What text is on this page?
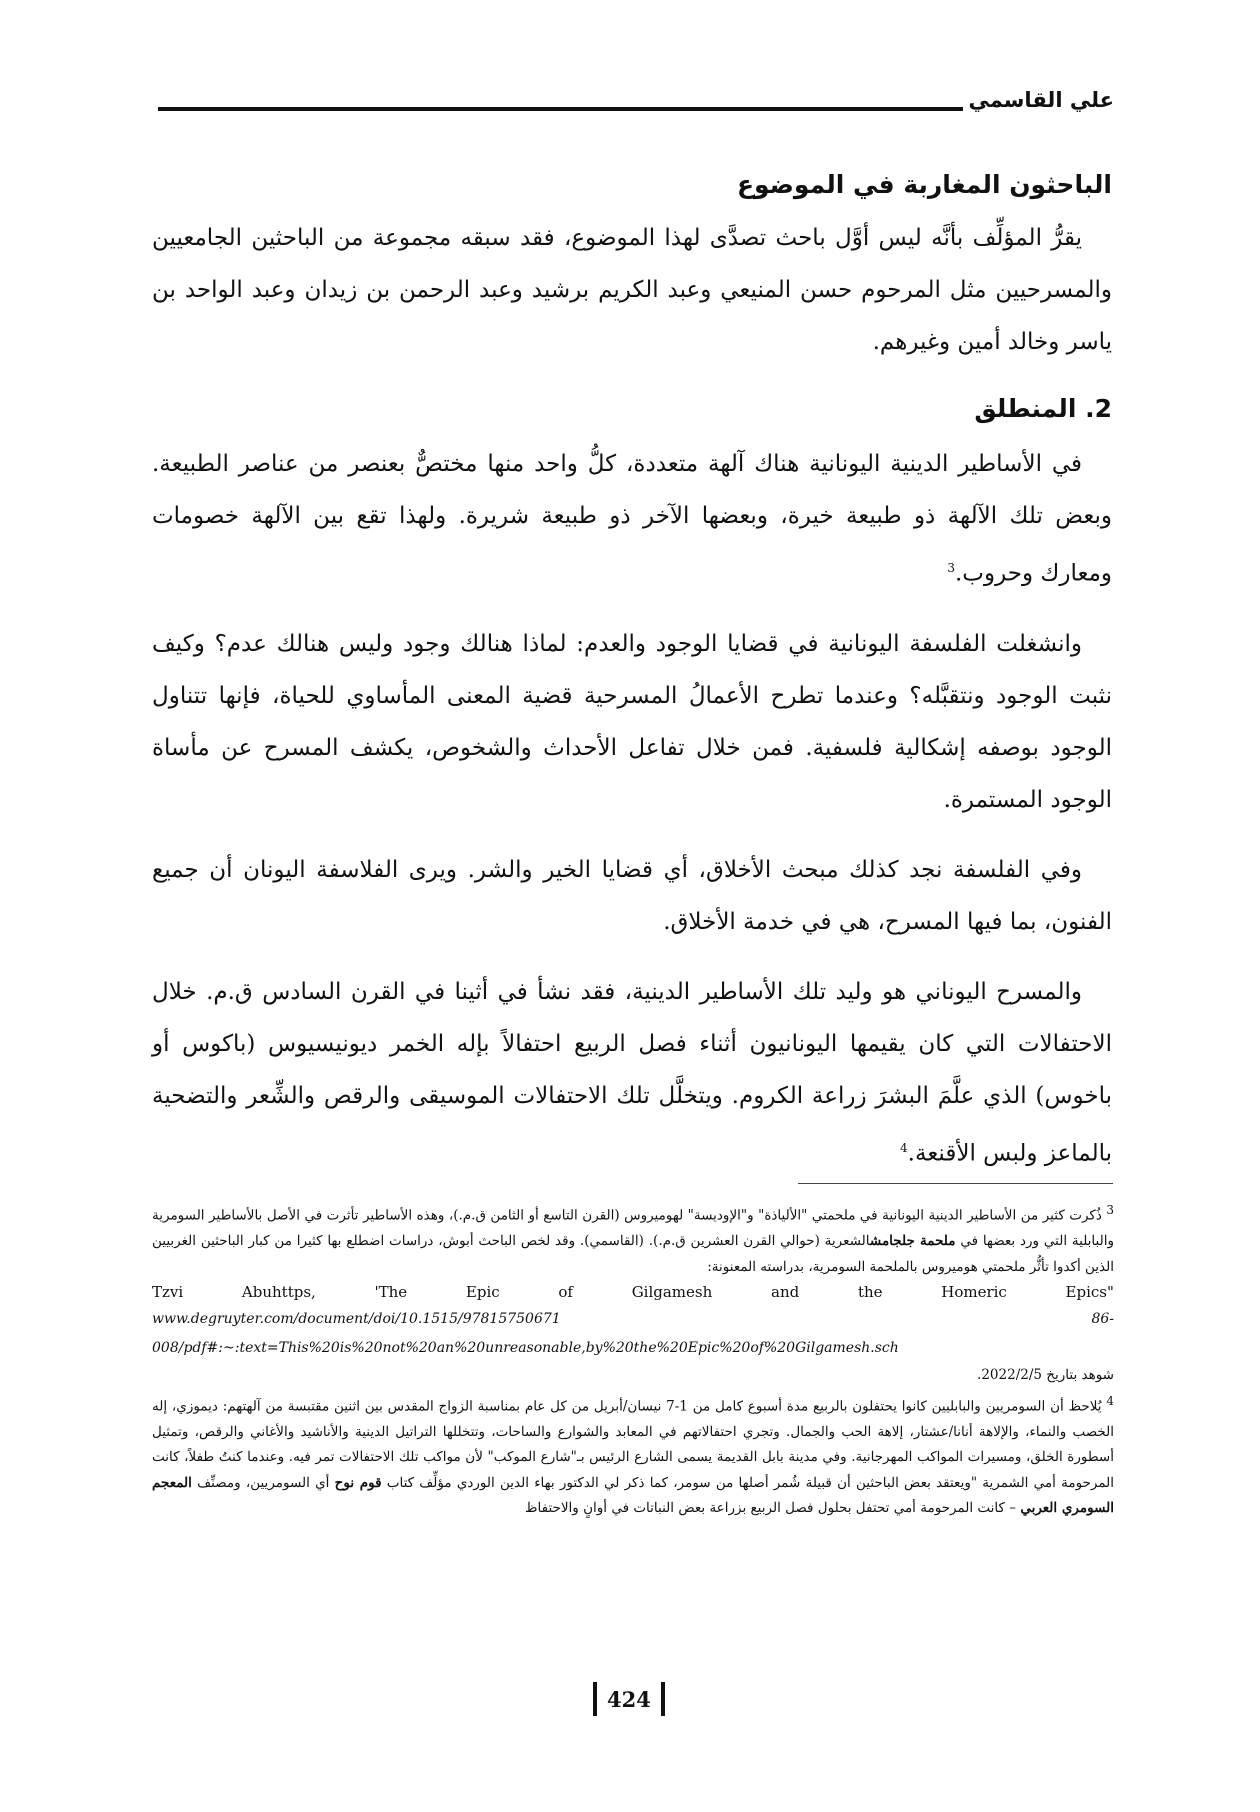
علي القاسمي
الباحثون المغاربة في الموضوع

يقرُّ المؤلِّف بأنَّه ليس أوَّل باحث تصدَّى لهذا الموضوع، فقد سبقه مجموعة من الباحثين الجامعيين والمسرحيين مثل المرحوم حسن المنيعي وعبد الكريم برشيد وعبد الرحمن بن زيدان وعبد الواحد بن ياسر وخالد أمين وغيرهم.

2. المنطلق

في الأساطير الدينية اليونانية هناك آلهة متعددة، كلُّ واحد منها مختصٌّ بعنصر من عناصر الطبيعة. وبعض تلك الآلهة ذو طبيعة خيرة، وبعضها الآخر ذو طبيعة شريرة. ولهذا تقع بين الآلهة خصومات ومعارك وحروب.$^3$

وانشغلت الفلسفة اليونانية في قضايا الوجود والعدم: لماذا هنالك وجود وليس هنالك عدم؟ وكيف نثبت الوجود ونتقبَّله؟ وعندما تطرح الأعمالُ المسرحية قضية المعنى المأساوي للحياة، فإنها تتناول الوجود بوصفه إشكالية فلسفية. فمن خلال تفاعل الأحداث والشخوص، يكشف المسرح عن مأساة الوجود المستمرة.

وفي الفلسفة نجد كذلك مبحث الأخلاق، أي قضايا الخير والشر. ويرى الفلاسفة اليونان أن جميع الفنون، بما فيها المسرح، هي في خدمة الأخلاق.

والمسرح اليوناني هو وليد تلك الأساطير الدينية، فقد نشأ في أثينا في القرن السادس ق.م. خلال الاحتفالات التي كان يقيمها اليونانيون أثناء فصل الربيع احتفالاً بإله الخمر ديونيسيوس (باكوس أو باخوس) الذي علَّمَ البشرَ زراعة الكروم. ويتخلَّل تلك الاحتفالات الموسيقى والرقص والشِّعر والتضحية بالماعز ولبس الأقنعة.$^4$

$^3$ ذُكرت كثير من الأساطير الدينية اليونانية في ملحمتي "الألياذة" و"الإوديسة" لهوميروس (القرن التاسع أو الثامن ق.م.)، وهذه الأساطير تأثرت في الأصل بالأساطير السومرية والبابلية التي ورد بعضها في ملحمة جلجامشالشعرية (حوالي القرن العشرين ق.م.). (القاسمي). وقد لخص الباحث أبوش، دراسات اضطلع بها كثيرا من كبار الباحثين الغربيين الذين أكدوا تأثُّر ملحمتي هوميروس بالملحمة السومرية، بدراسته المعنونة:

Tzvi	Abuhttps,	'The	Epic	of	Gilgamesh	and	the	Homeric	Epics"
www.degruyter.com/document/doi/10.1515/97815750671	86-
008/pdf#:~:text=This%20is%20not%20an%20unreasonable,by%20the%20Epic%20of%20Gilgamesh.sch

شوهد بتاريخ 2022/2/5.

$^4$ يُلاحظ أن السومريين والبابليين كانوا يحتفلون بالربيع مدة أسبوع كامل من 1-7 نيسان/أبريل من كل عام بمناسبة الزواج المقدس بين اثنين مقتبسة من آلهتهم: ديموزي، إله الخصب والنماء، والإلاهة أنانا/عشتار، إلاهة الحب والجمال. وتجري احتفالاتهم في المعابد والشوارع والساحات، وتتخللها التراتيل الدينية والأناشيد والأغاني والرقص، وتمثيل أسطورة الخلق، ومسيرات المواكب المهرجانية. وفي مدينة بابل القديمة يسمى الشارع الرئيس بـ"شارع الموكب" لأن مواكب تلك الاحتفالات تمر فيه. وعندما كنتُ طفلاً، كانت المرحومة أمي الشمرية "ويعتقد بعض الباحثين أن قبيلة شُمر أصلها من سومر، كما ذكر لي الدكتور بهاء الدين الوردي مؤلِّف كتاب قوم نوح أي السومريين، ومصنِّف المعجم السومري العربي – كانت المرحومة أمي تحتفل بحلول فصل الربيع بزراعة بعض النباتات في أوانٍ والاحتفاظ

424
